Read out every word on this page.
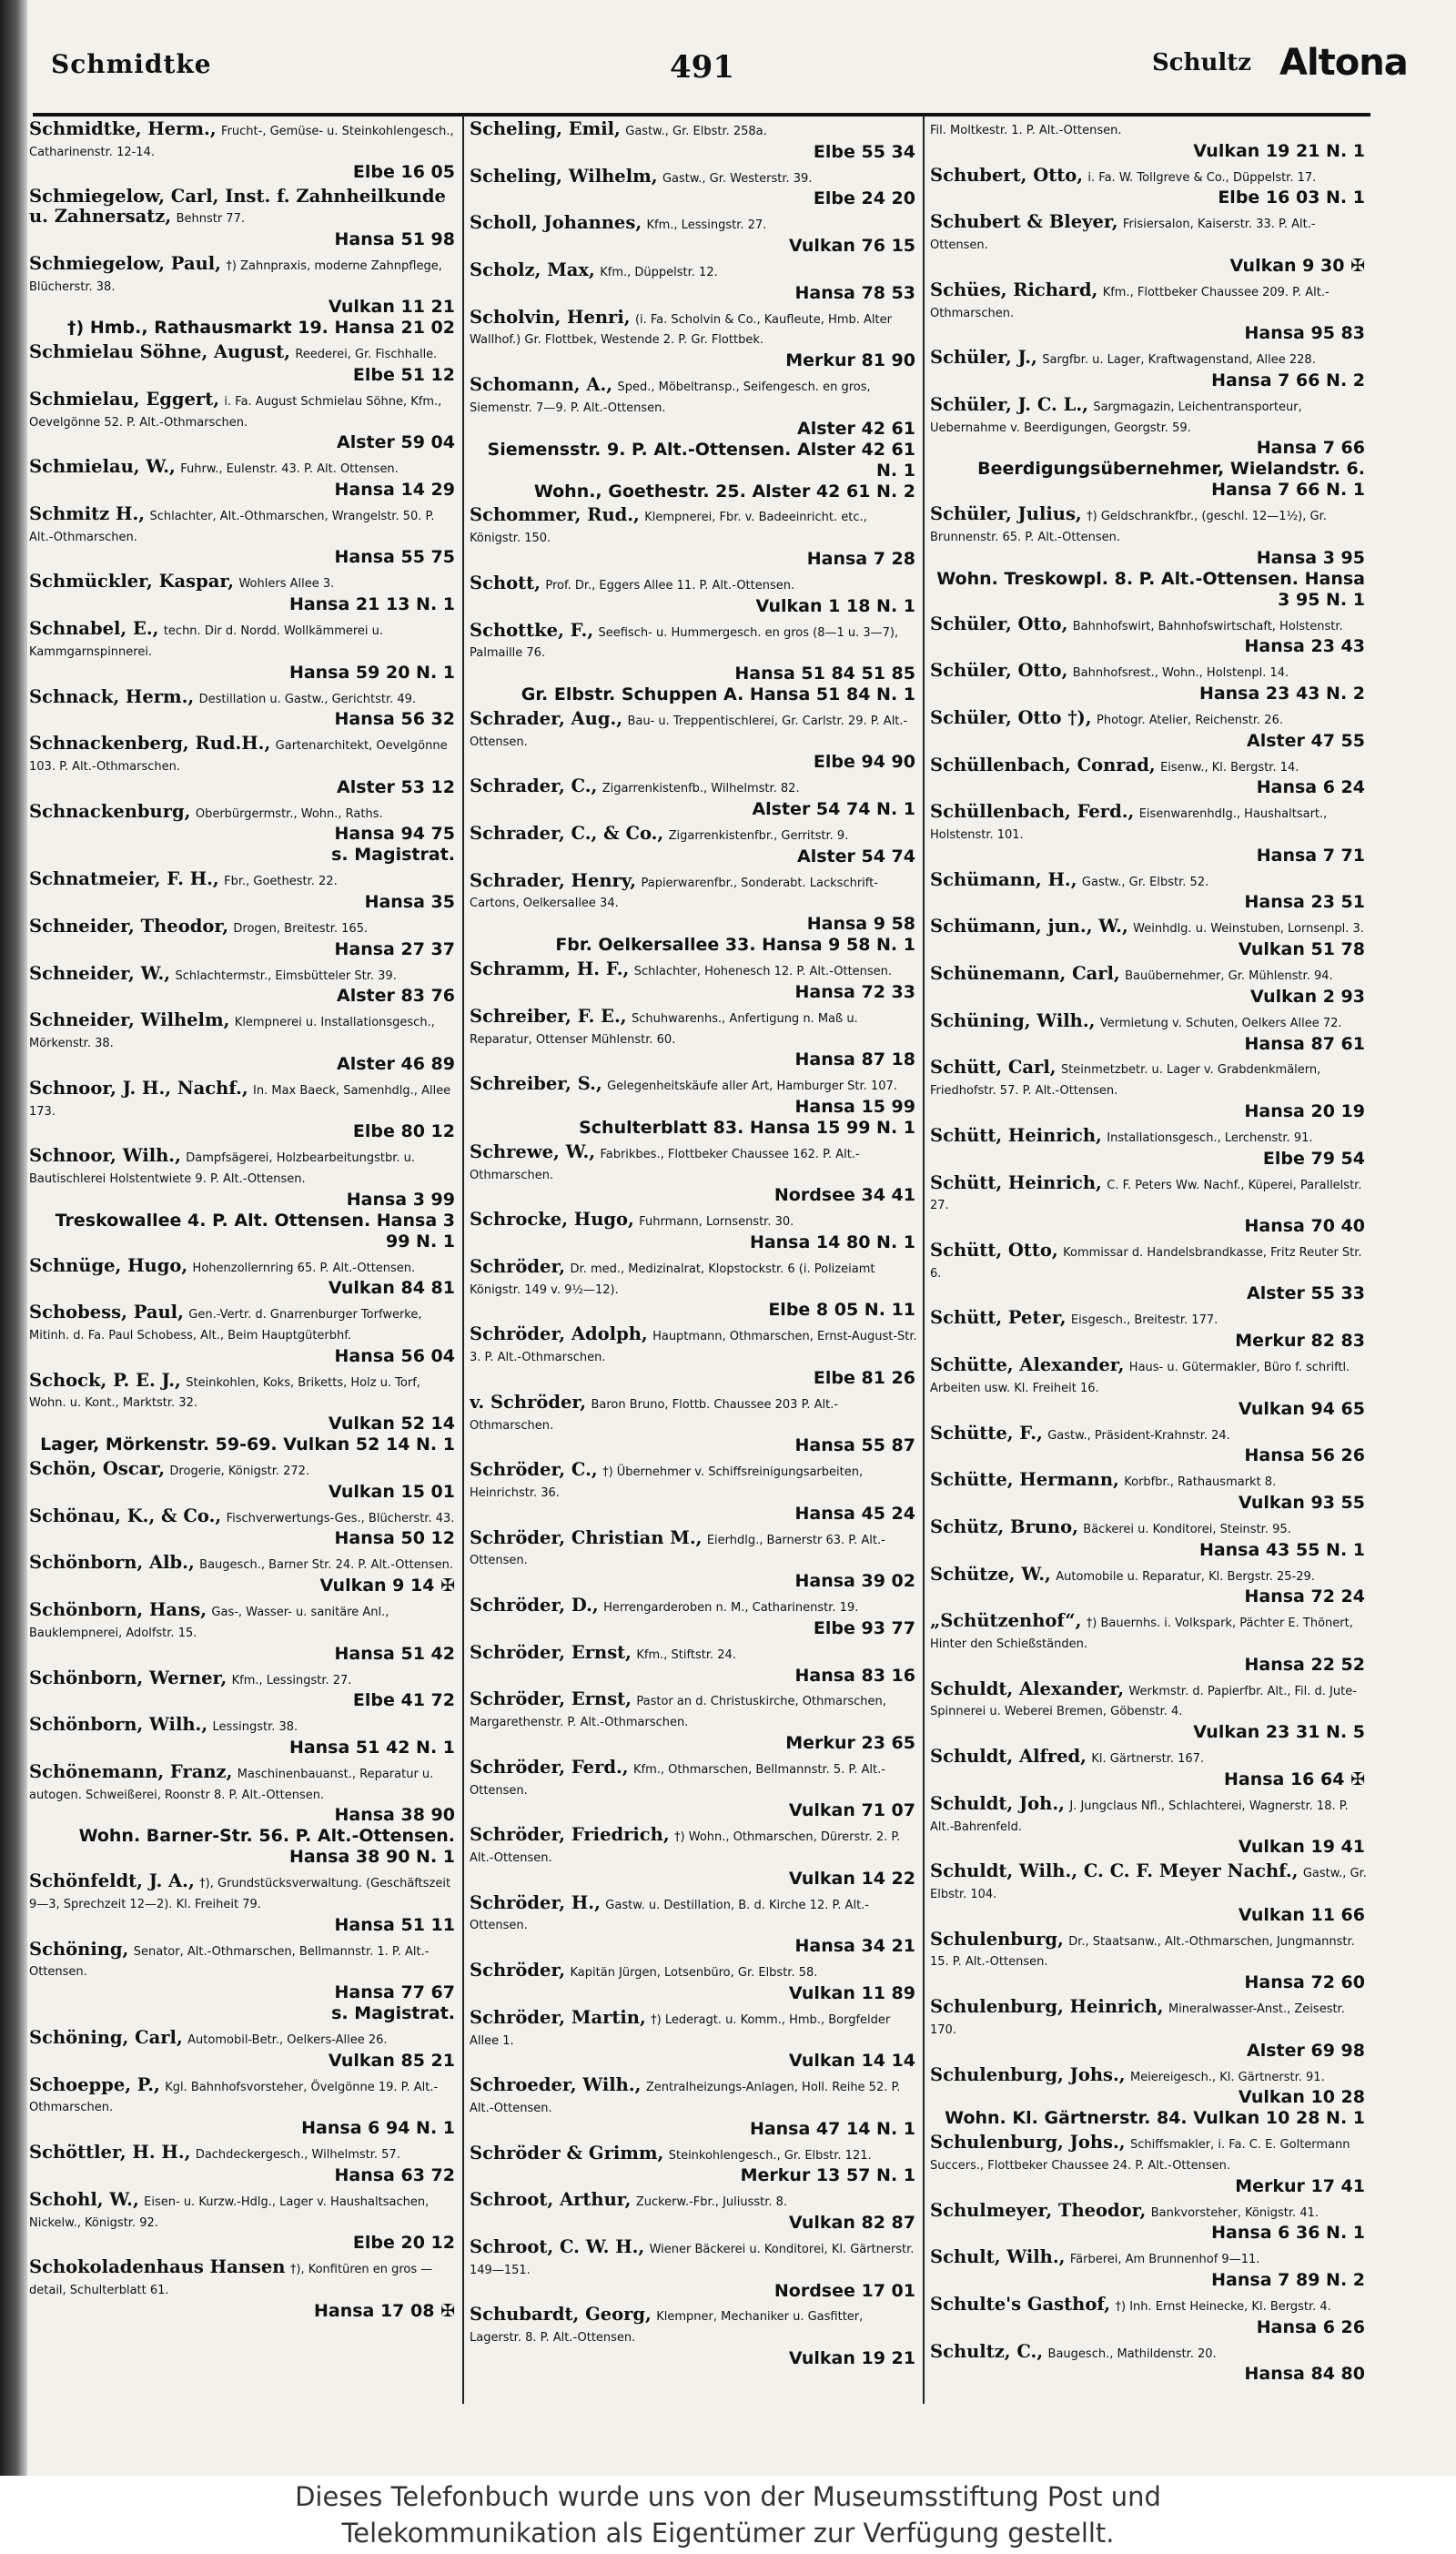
Schmidtke	491	Schultz Altona
Schmidtke, Herm., Frucht-, Gemüse- u. Steinkohlengesch., Catharinenstr. 12-14.
Elbe 16 05
Schmiegelow, Carl, Inst. f. Zahnheilkunde u. Zahnersatz, Behnstr 77.
Hansa 51 98
Schmiegelow, Paul, †) Zahnpraxis, moderne Zahnpflege, Blücherstr. 38.
Vulkan 11 21
†) Hmb., Rathausmarkt 19. Hansa 21 02
Schmielau Söhne, August, Reederei, Gr. Fischhalle.
Elbe 51 12
Schmielau, Eggert, i. Fa. August Schmielau Söhne, Kfm., Oevelgönne 52. P. Alt.-Othmarschen.
Alster 59 04
Schmielau, W., Fuhrw., Eulenstr. 43. P. Alt. Ottensen.
Hansa 14 29
Schmitz H., Schlachter, Alt.-Othmarschen, Wrangelstr. 50. P. Alt.-Othmarschen.
Hansa 55 75
Schmückler, Kaspar, Wohlers Allee 3.
Hansa 21 13 N. 1
Schnabel, E., techn. Dir d. Nordd. Wollkämmerei u. Kammgarnspinnerei.
Hansa 59 20 N. 1
Schnack, Herm., Destillation u. Gastw., Gerichtstr. 49.
Hansa 56 32
Schnackenberg, Rud.H., Gartenarchitekt, Oevelgönne 103. P. Alt.-Othmarschen.
Alster 53 12
Schnackenburg, Oberbürgermstr., Wohn., Raths.
Hansa 94 75
s. Magistrat.
Schnatmeier, F. H., Fbr., Goethestr. 22.
Hansa 35
Schneider, Theodor, Drogen, Breitestr. 165.
Hansa 27 37
Schneider, W., Schlachtermstr., Eimsbütteler Str. 39.
Alster 83 76
Schneider, Wilhelm, Klempnerei u. Installationsgesch., Mörkenstr. 38.
Alster 46 89
Schnoor, J. H., Nachf., In. Max Baeck, Samenhdlg., Allee 173.
Elbe 80 12
Schnoor, Wilh., Dampfsägerei, Holzbearbeitungstbr. u. Bautischlerei Holstentwiete 9. P. Alt.-Ottensen.
Hansa 3 99
Treskowallee 4. P. Alt. Ottensen. Hansa 3 99 N. 1
Schnüge, Hugo, Hohenzollernring 65. P. Alt.-Ottensen.
Vulkan 84 81
Schobess, Paul, Gen.-Vertr. d. Gnarrenburger Torfwerke, Mitinh. d. Fa. Paul Schobess, Alt., Beim Hauptgüterbhf.
Hansa 56 04
Schock, P. E. J., Steinkohlen, Koks, Briketts, Holz u. Torf, Wohn. u. Kont., Marktstr. 32.
Vulkan 52 14
Lager, Mörkenstr. 59-69. Vulkan 52 14 N. 1
Schön, Oscar, Drogerie, Königstr. 272.
Vulkan 15 01
Schönau, K., & Co., Fischverwertungs-Ges., Blücherstr. 43.
Hansa 50 12
Schönborn, Alb., Baugesch., Barner Str. 24. P. Alt.-Ottensen.
Vulkan 9 14 ✠
Schönborn, Hans, Gas-, Wasser- u. sanitäre Anl., Bauklempnerei, Adolfstr. 15.
Hansa 51 42
Schönborn, Werner, Kfm., Lessingstr. 27.
Elbe 41 72
Schönborn, Wilh., Lessingstr. 38.
Hansa 51 42 N. 1
Schönemann, Franz, Maschinenbauanst., Reparatur u. autogen. Schweißerei, Roonstr 8. P. Alt.-Ottensen.
Hansa 38 90
Wohn. Barner-Str. 56. P. Alt.-Ottensen. Hansa 38 90 N. 1
Schönfeldt, J. A., †), Grundstücksverwaltung. (Geschäftszeit 9—3, Sprechzeit 12—2). Kl. Freiheit 79.
Hansa 51 11
Schöning, Senator, Alt.-Othmarschen, Bellmannstr. 1. P. Alt.-Ottensen.
Hansa 77 67
s. Magistrat.
Schöning, Carl, Automobil-Betr., Oelkers-Allee 26.
Vulkan 85 21
Schoeppe, P., Kgl. Bahnhofsvorsteher, Övelgönne 19. P. Alt.-Othmarschen.
Hansa 6 94 N. 1
Schöttler, H. H., Dachdeckergesch., Wilhelmstr. 57.
Hansa 63 72
Schohl, W., Eisen- u. Kurzw.-Hdlg., Lager v. Haushaltsachen, Nickelw., Königstr. 92.
Elbe 20 12
Schokoladenhaus Hansen †), Konfitüren en gros — detail, Schulterblatt 61.
Hansa 17 08 ✠
Scheling, Emil, Gastw., Gr. Elbstr. 258a.
Elbe 55 34
Scheling, Wilhelm, Gastw., Gr. Westerstr. 39.
Elbe 24 20
Scholl, Johannes, Kfm., Lessingstr. 27.
Vulkan 76 15
Scholz, Max, Kfm., Düppelstr. 12.
Hansa 78 53
Scholvin, Henri, (i. Fa. Scholvin & Co., Kaufleute, Hmb. Alter Wallhof.) Gr. Flottbek, Westende 2. P. Gr. Flottbek.
Merkur 81 90
Schomann, A., Sped., Möbeltransp., Seifengesch. en gros, Siemenstr. 7—9. P. Alt.-Ottensen.
Alster 42 61
Siemensstr. 9. P. Alt.-Ottensen. Alster 42 61 N. 1
Wohn., Goethestr. 25. Alster 42 61 N. 2
Schommer, Rud., Klempnerei, Fbr. v. Badeeinricht. etc., Königstr. 150.
Hansa 7 28
Schott, Prof. Dr., Eggers Allee 11. P. Alt.-Ottensen.
Vulkan 1 18 N. 1
Schottke, F., Seefisch- u. Hummergesch. en gros (8—1 u. 3—7), Palmaille 76.
Hansa 51 84 51 85
Gr. Elbstr. Schuppen A. Hansa 51 84 N. 1
Schrader, Aug., Bau- u. Treppentischlerei, Gr. Carlstr. 29. P. Alt.-Ottensen.
Elbe 94 90
Schrader, C., Zigarrenkistenfb., Wilhelmstr. 82.
Alster 54 74 N. 1
Schrader, C., & Co., Zigarrenkistenfbr., Gerritstr. 9.
Alster 54 74
Schrader, Henry, Papierwarenfbr., Sonderabt. Lackschrift-Cartons, Oelkersallee 34.
Hansa 9 58
Fbr. Oelkersallee 33. Hansa 9 58 N. 1
Schramm, H. F., Schlachter, Hohenesch 12. P. Alt.-Ottensen.
Hansa 72 33
Schreiber, F. E., Schuhwarenhs., Anfertigung n. Maß u. Reparatur, Ottenser Mühlenstr. 60.
Hansa 87 18
Schreiber, S., Gelegenheitskäufe aller Art, Hamburger Str. 107.
Hansa 15 99
Schulterblatt 83. Hansa 15 99 N. 1
Schrewe, W., Fabrikbes., Flottbeker Chaussee 162. P. Alt.-Othmarschen.
Nordsee 34 41
Schrocke, Hugo, Fuhrmann, Lornsenstr. 30.
Hansa 14 80 N. 1
Schröder, Dr. med., Medizinalrat, Klopstockstr. 6 (i. Polizeiamt Königstr. 149 v. 9½—12).
Elbe 8 05 N. 11
Schröder, Adolph, Hauptmann, Othmarschen, Ernst-August-Str. 3. P. Alt.-Othmarschen.
Elbe 81 26
v. Schröder, Baron Bruno, Flottb. Chaussee 203 P. Alt.-Othmarschen.
Hansa 55 87
Schröder, C., †) Übernehmer v. Schiffsreinigungsarbeiten, Heinrichstr. 36.
Hansa 45 24
Schröder, Christian M., Eierhdlg., Barnerstr 63. P. Alt.-Ottensen.
Hansa 39 02
Schröder, D., Herrengarderoben n. M., Catharinenstr. 19.
Elbe 93 77
Schröder, Ernst, Kfm., Stiftstr. 24.
Hansa 83 16
Schröder, Ernst, Pastor an d. Christuskirche, Othmarschen, Margarethenstr. P. Alt.-Othmarschen.
Merkur 23 65
Schröder, Ferd., Kfm., Othmarschen, Bellmannstr. 5. P. Alt.-Ottensen.
Vulkan 71 07
Schröder, Friedrich, †) Wohn., Othmarschen, Dürerstr. 2. P. Alt.-Ottensen.
Vulkan 14 22
Schröder, H., Gastw. u. Destillation, B. d. Kirche 12. P. Alt.-Ottensen.
Hansa 34 21
Schröder, Kapitän Jürgen, Lotsenbüro, Gr. Elbstr. 58.
Vulkan 11 89
Schröder, Martin, †) Lederagt. u. Komm., Hmb., Borgfelder Allee 1.
Vulkan 14 14
Schroeder, Wilh., Zentralheizungs-Anlagen, Holl. Reihe 52. P. Alt.-Ottensen.
Hansa 47 14 N. 1
Schröder & Grimm, Steinkohlengesch., Gr. Elbstr. 121.
Merkur 13 57 N. 1
Schroot, Arthur, Zuckerw.-Fbr., Juliusstr. 8.
Vulkan 82 87
Schroot, C. W. H., Wiener Bäckerei u. Konditorei, Kl. Gärtnerstr. 149—151.
Nordsee 17 01
Schubardt, Georg, Klempner, Mechaniker u. Gasfitter, Lagerstr. 8. P. Alt.-Ottensen.
Vulkan 19 21
Fil. Moltkestr. 1. P. Alt.-Ottensen.
Vulkan 19 21 N. 1
Schubert, Otto, i. Fa. W. Tollgreve & Co., Düppelstr. 17.
Elbe 16 03 N. 1
Schubert & Bleyer, Frisiersalon, Kaiserstr. 33. P. Alt.-Ottensen.
Vulkan 9 30 ✠
Schües, Richard, Kfm., Flottbeker Chaussee 209. P. Alt.-Othmarschen.
Hansa 95 83
Schüler, J., Sargfbr. u. Lager, Kraftwagenstand, Allee 228.
Hansa 7 66 N. 2
Schüler, J. C. L., Sargmagazin, Leichentransporteur, Uebernahme v. Beerdigungen, Georgstr. 59.
Hansa 7 66
Beerdigungsübernehmer, Wielandstr. 6. Hansa 7 66 N. 1
Schüler, Julius, †) Geldschrankfbr., (geschl. 12—1½), Gr. Brunnenstr. 65. P. Alt.-Ottensen.
Hansa 3 95
Wohn. Treskowpl. 8. P. Alt.-Ottensen. Hansa 3 95 N. 1
Schüler, Otto, Bahnhofswirt, Bahnhofswirtschaft, Holstenstr.
Hansa 23 43
Schüler, Otto, Bahnhofsrest., Wohn., Holstenpl. 14.
Hansa 23 43 N. 2
Schüler, Otto †), Photogr. Atelier, Reichenstr. 26.
Alster 47 55
Schüllenbach, Conrad, Eisenw., Kl. Bergstr. 14.
Hansa 6 24
Schüllenbach, Ferd., Eisenwarenhdlg., Haushaltsart., Holstenstr. 101.
Hansa 7 71
Schümann, H., Gastw., Gr. Elbstr. 52.
Hansa 23 51
Schümann, jun., W., Weinhdlg. u. Weinstuben, Lornsenpl. 3.
Vulkan 51 78
Schünemann, Carl, Bauübernehmer, Gr. Mühlenstr. 94.
Vulkan 2 93
Schüning, Wilh., Vermietung v. Schuten, Oelkers Allee 72.
Hansa 87 61
Schütt, Carl, Steinmetzbetr. u. Lager v. Grabdenkmälern, Friedhofstr. 57. P. Alt.-Ottensen.
Hansa 20 19
Schütt, Heinrich, Installationsgesch., Lerchenstr. 91.
Elbe 79 54
Schütt, Heinrich, C. F. Peters Ww. Nachf., Küperei, Parallelstr. 27.
Hansa 70 40
Schütt, Otto, Kommissar d. Handelsbrandkasse, Fritz Reuter Str. 6.
Alster 55 33
Schütt, Peter, Eisgesch., Breitestr. 177.
Merkur 82 83
Schütte, Alexander, Haus- u. Gütermakler, Büro f. schriftl. Arbeiten usw. Kl. Freiheit 16.
Vulkan 94 65
Schütte, F., Gastw., Präsident-Krahnstr. 24.
Hansa 56 26
Schütte, Hermann, Korbfbr., Rathausmarkt 8.
Vulkan 93 55
Schütz, Bruno, Bäckerei u. Konditorei, Steinstr. 95.
Hansa 43 55 N. 1
Schütze, W., Automobile u. Reparatur, Kl. Bergstr. 25-29.
Hansa 72 24
„Schützenhof“, †) Bauernhs. i. Volkspark, Pächter E. Thönert, Hinter den Schießständen.
Hansa 22 52
Schuldt, Alexander, Werkmstr. d. Papierfbr. Alt., Fil. d. Jute-Spinnerei u. Weberei Bremen, Göbenstr. 4.
Vulkan 23 31 N. 5
Schuldt, Alfred, Kl. Gärtnerstr. 167.
Hansa 16 64 ✠
Schuldt, Joh., J. Jungclaus Nfl., Schlachterei, Wagnerstr. 18. P. Alt.-Bahrenfeld.
Vulkan 19 41
Schuldt, Wilh., C. C. F. Meyer Nachf., Gastw., Gr. Elbstr. 104.
Vulkan 11 66
Schulenburg, Dr., Staatsanw., Alt.-Othmarschen, Jungmannstr. 15. P. Alt.-Ottensen.
Hansa 72 60
Schulenburg, Heinrich, Mineralwasser-Anst., Zeisestr. 170.
Alster 69 98
Schulenburg, Johs., Meiereigesch., Kl. Gärtnerstr. 91.
Vulkan 10 28
Wohn. Kl. Gärtnerstr. 84. Vulkan 10 28 N. 1
Schulenburg, Johs., Schiffsmakler, i. Fa. C. E. Goltermann Succers., Flottbeker Chaussee 24. P. Alt.-Ottensen.
Merkur 17 41
Schulmeyer, Theodor, Bankvorsteher, Königstr. 41.
Hansa 6 36 N. 1
Schult, Wilh., Färberei, Am Brunnenhof 9—11.
Hansa 7 89 N. 2
Schulte's Gasthof, †) Inh. Ernst Heinecke, Kl. Bergstr. 4.
Hansa 6 26
Schultz, C., Baugesch., Mathildenstr. 20.
Hansa 84 80
Dieses Telefonbuch wurde uns von der Museumsstiftung Post und
Telekommunikation als Eigentümer zur Verfügung gestellt.
